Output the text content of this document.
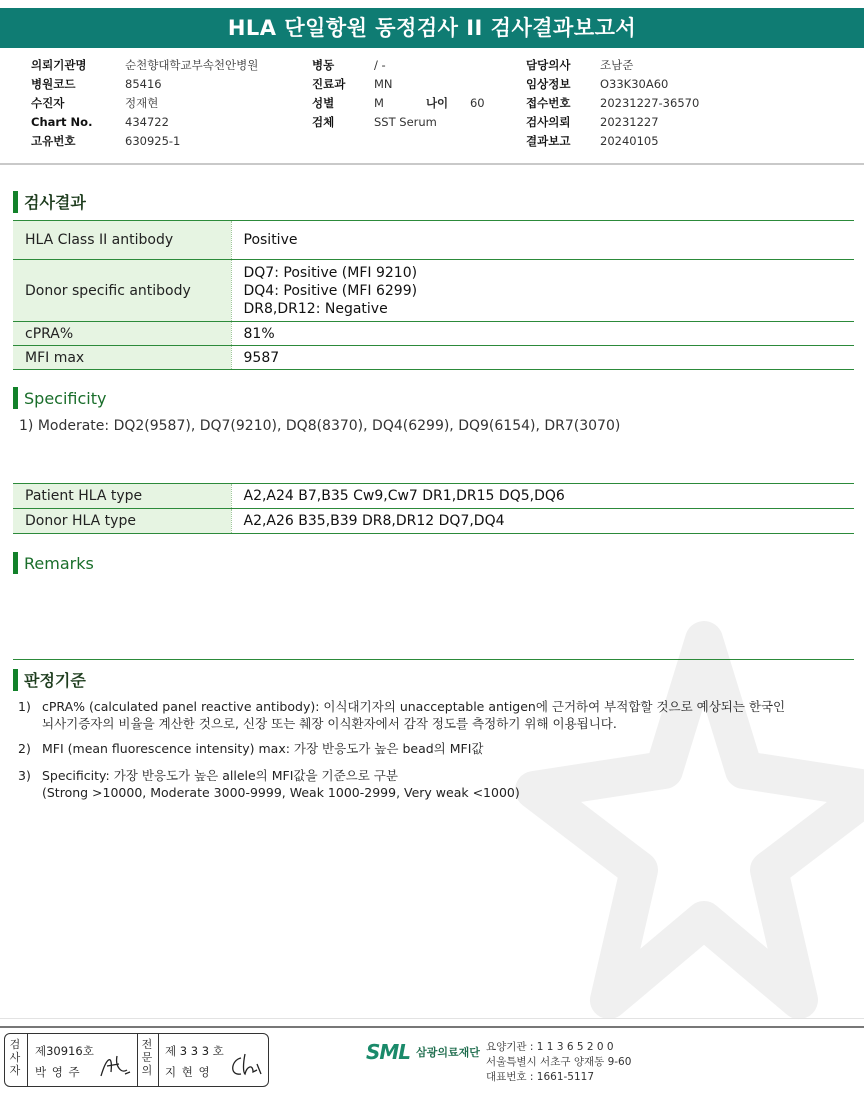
HLA 단일항원 동정검사 II 검사결과보고서
의뢰기관명	순천향대학교부속천안병원
병원코드	85416
수진자	정재현
Chart No.	434722
고유번호	630925-1
병동	/ -
진료과	MN
성별	M	나이	60
검체	SST Serum
담당의사	조남준
임상정보	O33K30A60
접수번호	20231227-36570
검사의뢰	20231227
결과보고	20240105
검사결과
HLA Class II antibody	Positive
Donor specific antibody	DQ7: Positive (MFI 9210)
DQ4: Positive (MFI 6299)
DR8,DR12: Negative

cPRA%	81%
MFI max	9587
Specificity
1) Moderate: DQ2(9587), DQ7(9210), DQ8(8370), DQ4(6299), DQ9(6154), DR7(3070)
Patient HLA type	A2,A24 B7,B35 Cw9,Cw7 DR1,DR15 DQ5,DQ6
Donor HLA type	A2,A26 B35,B39 DR8,DR12 DQ7,DQ4
Remarks
판정기준
1) cPRA% (calculated panel reactive antibody): 이식대기자의 unacceptable antigen에 근거하여 부적합할 것으로 예상되는 한국인
뇌사기증자의 비율을 계산한 것으로, 신장 또는 췌장 이식환자에서 감작 정도를 측정하기 위해 이용됩니다.
2) MFI (mean fluorescence intensity) max: 가장 반응도가 높은 bead의 MFI값
3) Specificity: 가장 반응도가 높은 allele의 MFI값을 기준으로 구분
(Strong >10000, Moderate 3000-9999, Weak 1000-2999, Very weak <1000)
검사자
제30916호
박 영 주
전문의
제 3 3 3 호
지 현 영
SML 삼광의료재단 요양기관 : 1 1 3 6 5 2 0 0
서울특별시 서초구 양재동 9-60
대표번호 : 1661-5117
